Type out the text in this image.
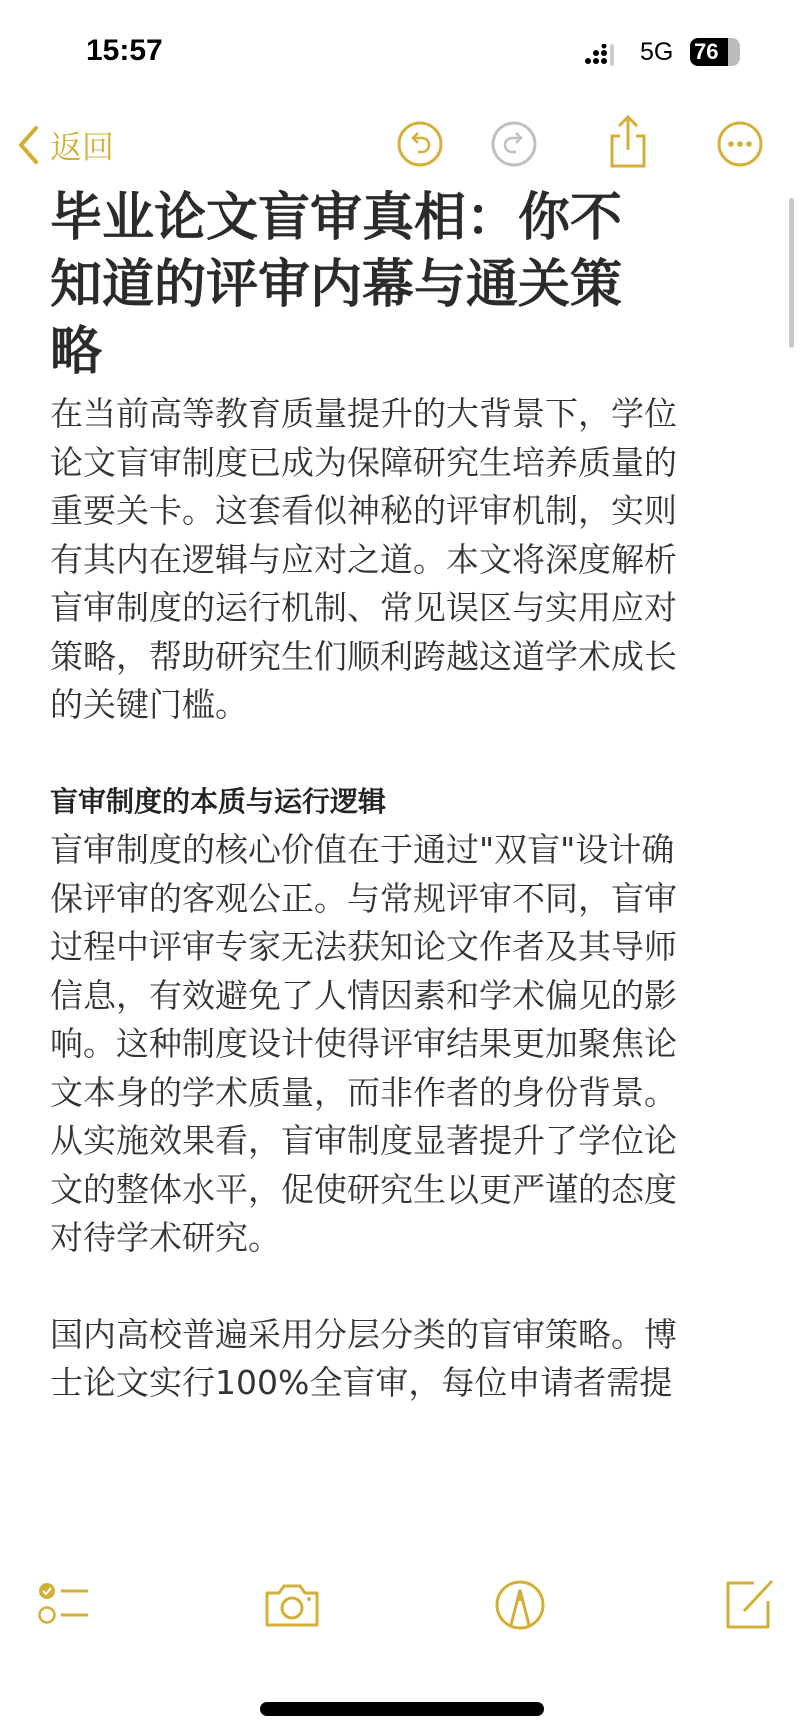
15:57	5G 76
返回
毕业论文盲审真相：你不
知道的评审内幕与通关策
略

在当前高等教育质量提升的大背景下，学位
论文盲审制度已成为保障研究生培养质量的
重要关卡。这套看似神秘的评审机制，实则
有其内在逻辑与应对之道。本文将深度解析
盲审制度的运行机制、常见误区与实用应对
策略，帮助研究生们顺利跨越这道学术成长
的关键门槛。

盲审制度的本质与运行逻辑

盲审制度的核心价值在于通过"双盲"设计确
保评审的客观公正。与常规评审不同，盲审
过程中评审专家无法获知论文作者及其导师
信息，有效避免了人情因素和学术偏见的影
响。这种制度设计使得评审结果更加聚焦论
文本身的学术质量，而非作者的身份背景。
从实施效果看，盲审制度显著提升了学位论
文的整体水平，促使研究生以更严谨的态度
对待学术研究。

国内高校普遍采用分层分类的盲审策略。博
士论文实行100%全盲审，每位申请者需提
